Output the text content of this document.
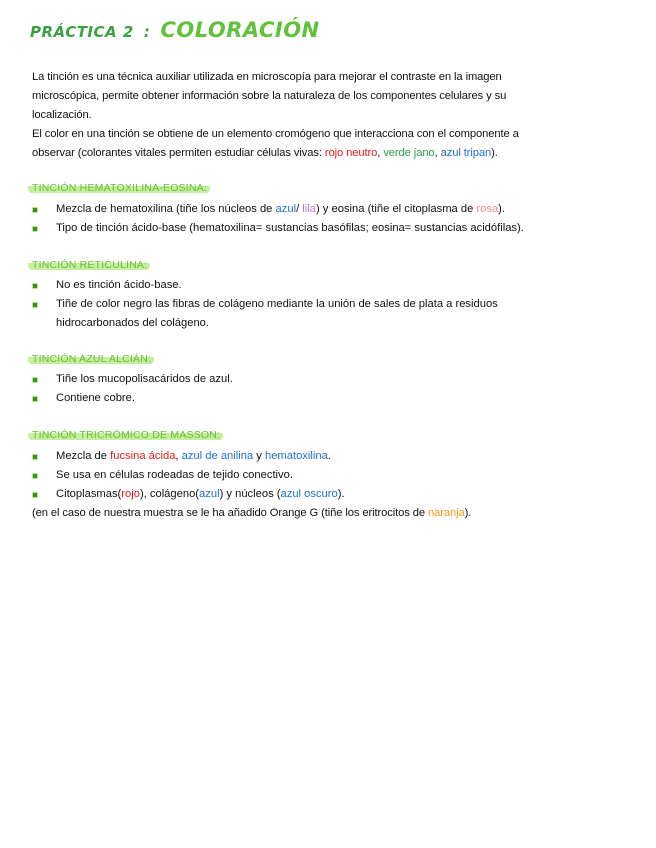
PRÁCTICA 2 : COLORACIÓN
La tinción es una técnica auxiliar utilizada en microscopía para mejorar el contraste en la imagen
microscópica, permite obtener información sobre la naturaleza de los componentes celulares y su
localización.
El color en una tinción se obtiene de un elemento cromógeno que interacciona con el componente a
observar (colorantes vitales permiten estudiar células vivas: rojo neutro, verde jano, azul tripan).
TINCIÓN HEMATOXILINA-EOSINA:
Mezcla de hematoxilina (tiñe los núcleos de azul/ lila) y eosina (tiñe el citoplasma de rosa).
Tipo de tinción ácido-base (hematoxilina= sustancias basófilas; eosina= sustancias acidófilas).
TINCIÓN RETICULINA:
No es tinción ácido-base.
Tiñe de color negro las fibras de colágeno mediante la unión de sales de plata a residuos
hidrocarbonados del colágeno.
TINCIÓN AZUL ALCIÁN:
Tiñe los mucopolisacáridos de azul.
Contiene cobre.
TINCIÓN TRICRÓMICO DE MASSON:
Mezcla de fucsina ácida, azul de anilina y hematoxilina.
Se usa en células rodeadas de tejido conectivo.
Citoplasmas(rojo), colágeno(azul) y núcleos (azul oscuro).
(en el caso de nuestra muestra se le ha añadido Orange G (tiñe los eritrocitos de naranja).
